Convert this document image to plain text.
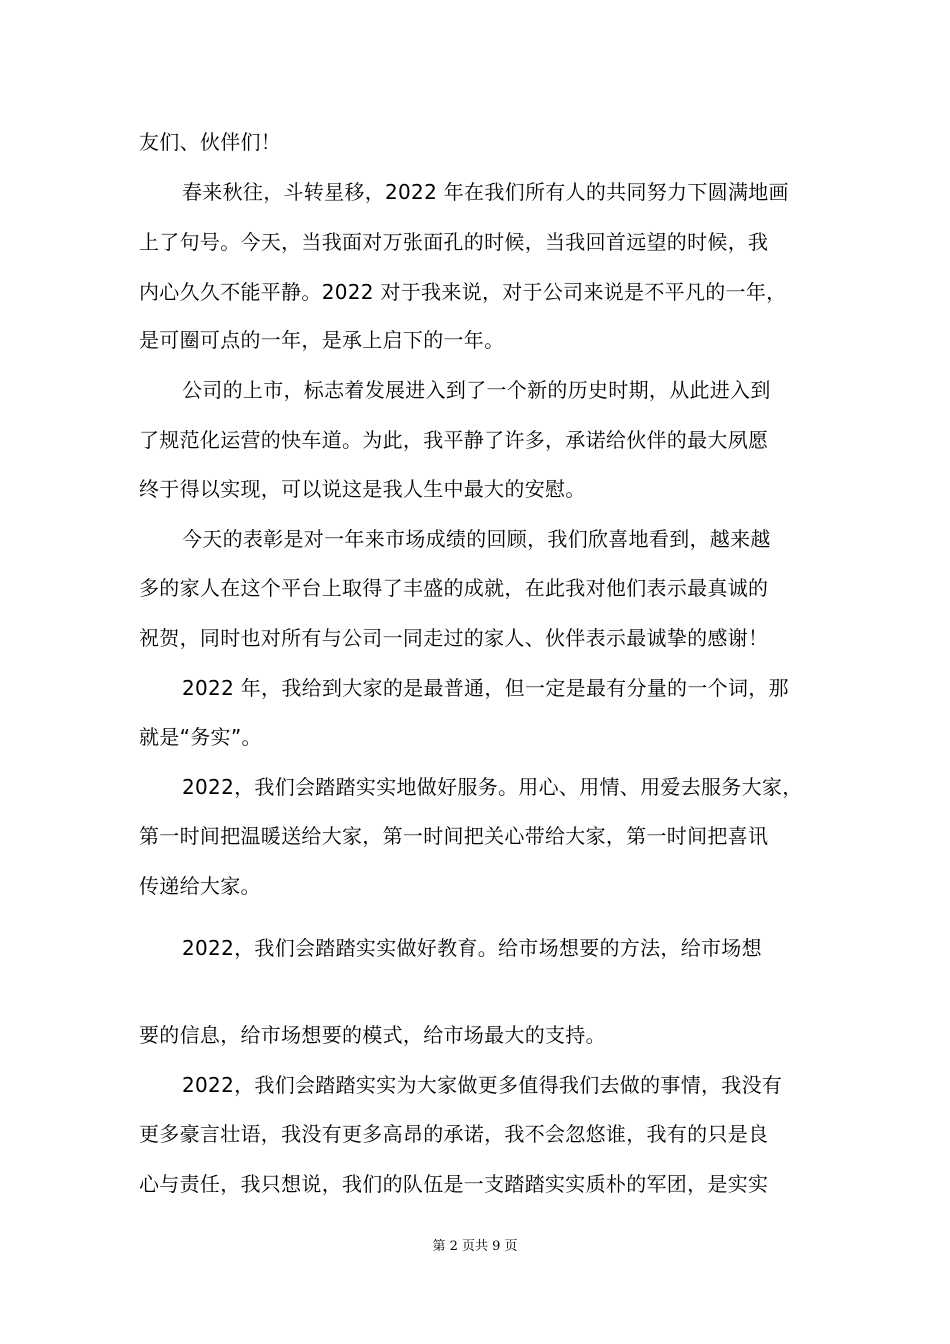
友们、伙伴们！
春来秋往，斗转星移，2022 年在我们所有人的共同努力下圆满地画
上了句号。今天，当我面对万张面孔的时候，当我回首远望的时候，我
内心久久不能平静。2022 对于我来说，对于公司来说是不平凡的一年，
是可圈可点的一年，是承上启下的一年。
公司的上市，标志着发展进入到了一个新的历史时期，从此进入到
了规范化运营的快车道。为此，我平静了许多，承诺给伙伴的最大夙愿
终于得以实现，可以说这是我人生中最大的安慰。
今天的表彰是对一年来市场成绩的回顾，我们欣喜地看到，越来越
多的家人在这个平台上取得了丰盛的成就，在此我对他们表示最真诚的
祝贺，同时也对所有与公司一同走过的家人、伙伴表示最诚挚的感谢！
2022 年，我给到大家的是最普通，但一定是最有分量的一个词，那
就是“务实”。
2022，我们会踏踏实实地做好服务。用心、用情、用爱去服务大家，
第一时间把温暖送给大家，第一时间把关心带给大家，第一时间把喜讯
传递给大家。
2022，我们会踏踏实实做好教育。给市场想要的方法，给市场想
要的信息，给市场想要的模式，给市场最大的支持。
2022，我们会踏踏实实为大家做更多值得我们去做的事情，我没有
更多豪言壮语，我没有更多高昂的承诺，我不会忽悠谁，我有的只是良
心与责任，我只想说，我们的队伍是一支踏踏实实质朴的军团，是实实
第 2 页共 9 页
